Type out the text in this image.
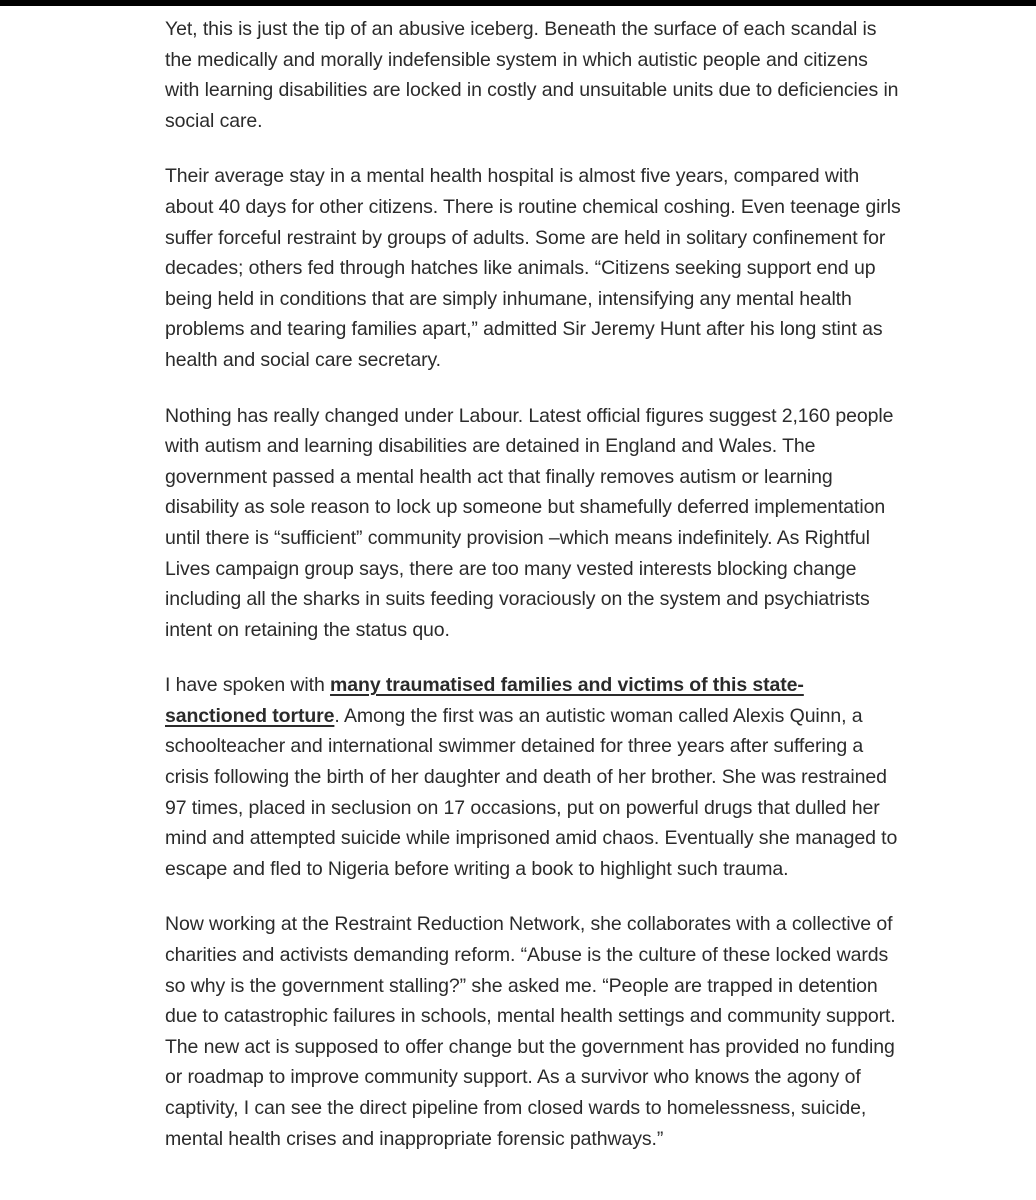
Yet, this is just the tip of an abusive iceberg. Beneath the surface of each scandal is the medically and morally indefensible system in which autistic people and citizens with learning disabilities are locked in costly and unsuitable units due to deficiencies in social care.

Their average stay in a mental health hospital is almost five years, compared with about 40 days for other citizens. There is routine chemical coshing. Even teenage girls suffer forceful restraint by groups of adults. Some are held in solitary confinement for decades; others fed through hatches like animals. “Citizens seeking support end up being held in conditions that are simply inhumane, intensifying any mental health problems and tearing families apart,” admitted Sir Jeremy Hunt after his long stint as health and social care secretary.

Nothing has really changed under Labour. Latest official figures suggest 2,160 people with autism and learning disabilities are detained in England and Wales. The government passed a mental health act that finally removes autism or learning disability as sole reason to lock up someone but shamefully deferred implementation until there is “sufficient” community provision –which means indefinitely. As Rightful Lives campaign group says, there are too many vested interests blocking change including all the sharks in suits feeding voraciously on the system and psychiatrists intent on retaining the status quo.

I have spoken with many traumatised families and victims of this state-sanctioned torture. Among the first was an autistic woman called Alexis Quinn, a schoolteacher and international swimmer detained for three years after suffering a crisis following the birth of her daughter and death of her brother. She was restrained 97 times, placed in seclusion on 17 occasions, put on powerful drugs that dulled her mind and attempted suicide while imprisoned amid chaos. Eventually she managed to escape and fled to Nigeria before writing a book to highlight such trauma.

Now working at the Restraint Reduction Network, she collaborates with a collective of charities and activists demanding reform. “Abuse is the culture of these locked wards so why is the government stalling?” she asked me. “People are trapped in detention due to catastrophic failures in schools, mental health settings and community support. The new act is supposed to offer change but the government has provided no funding or roadmap to improve community support. As a survivor who knows the agony of captivity, I can see the direct pipeline from closed wards to homelessness, suicide, mental health crises and inappropriate forensic pathways.”
